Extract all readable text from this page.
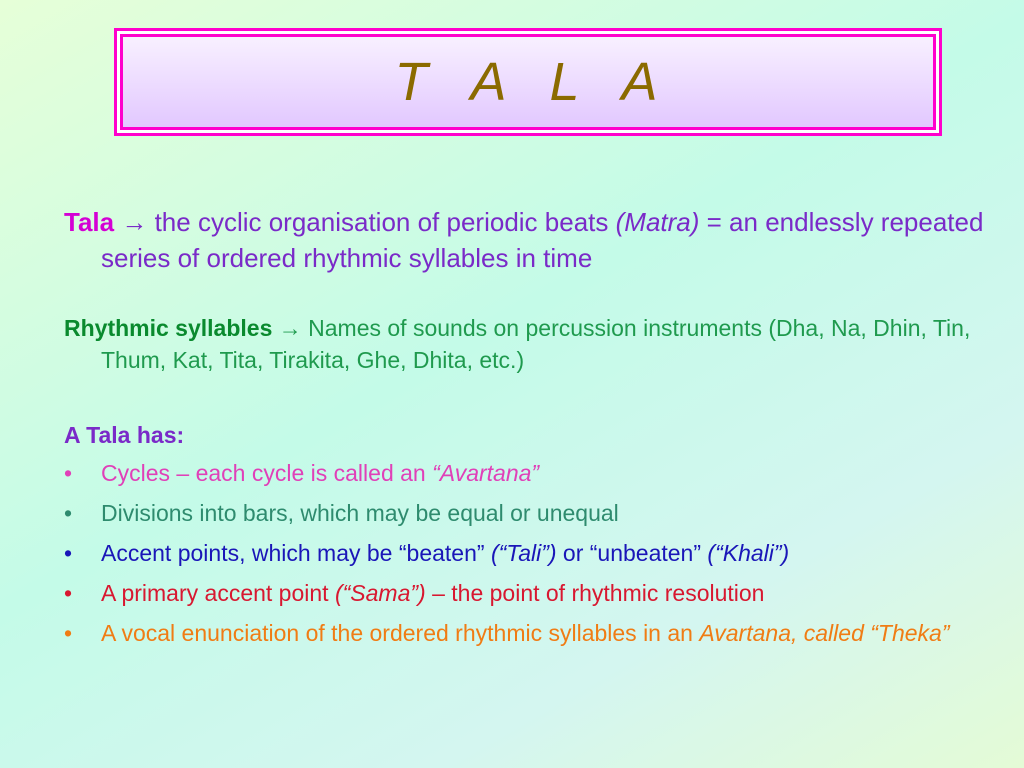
T A L A
Tala → the cyclic organisation of periodic beats (Matra) = an endlessly repeated series of ordered rhythmic syllables in time
Rhythmic syllables → Names of sounds on percussion instruments (Dha, Na, Dhin, Tin, Thum, Kat, Tita, Tirakita, Ghe, Dhita, etc.)
A Tala has:
•	Cycles – each cycle is called an “Avartana”
•	Divisions into bars, which may be equal or unequal
•	Accent points, which may be “beaten” (“Tali”) or “unbeaten” (“Khali”)
•	A primary accent point (“Sama”) – the point of rhythmic resolution
•	A vocal enunciation of the ordered rhythmic syllables in an Avartana, called “Theka”
